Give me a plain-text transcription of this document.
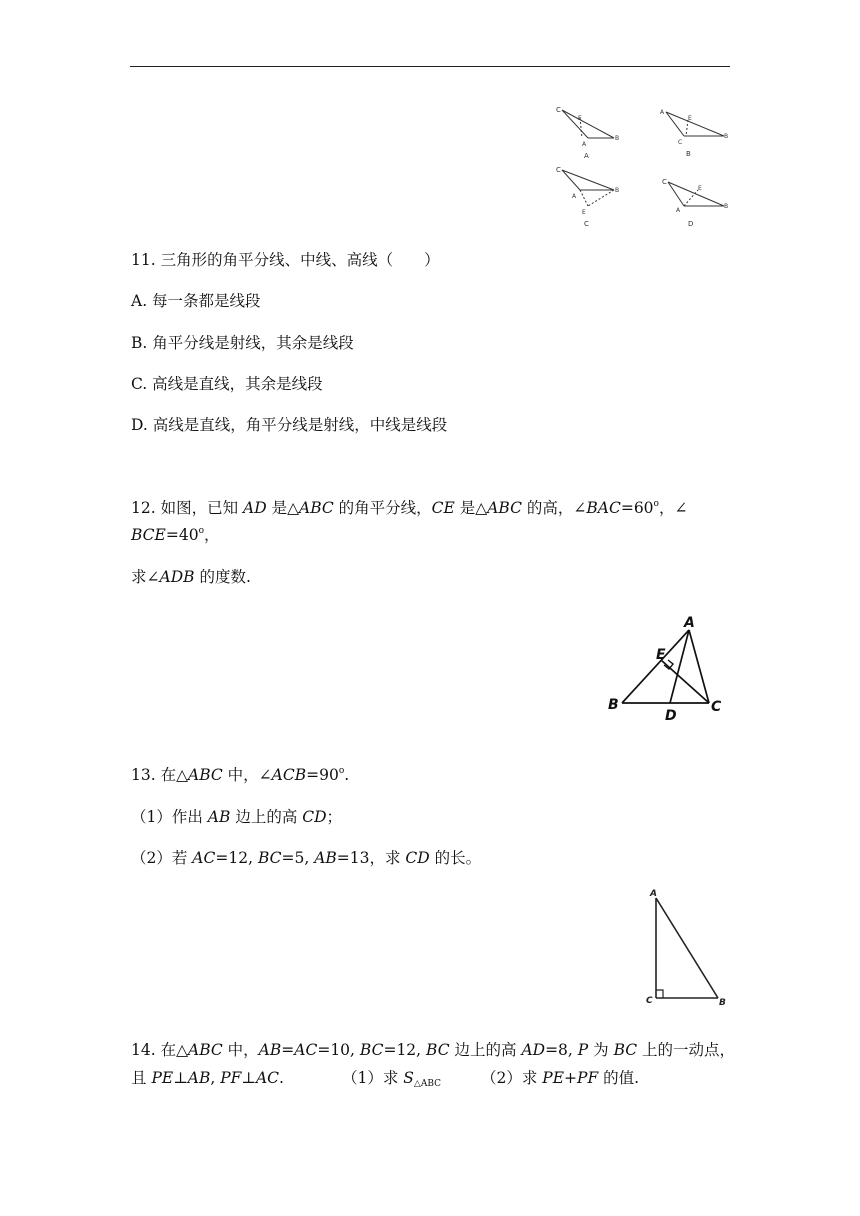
C
E
A
B
A
A
E
C
B
B
C
A
B
E
C
C
E
A
B
D
11. 三角形的角平分线、中线、高线（　　）
A. 每一条都是线段
B. 角平分线是射线，其余是线段
C. 高线是直线，其余是线段
D. 高线是直线，角平分线是射线，中线是线段
12. 如图，已知 AD 是△ABC 的角平分线，CE 是△ABC 的高，$\angle BAC=60^o$，∠
$BCE=40^o$，
求∠ADB 的度数.
A
E
B
D
C
13. 在△ABC 中，$\angle ACB=90^o$.
（1）作出 AB 边上的高 CD；
（2）若 AC=12, BC=5, AB=13，求 CD 的长。
A
C	B
14. 在△ABC 中，AB=AC=10, BC=12, BC 边上的高 AD=8, P 为 BC 上的一动点，
且 PE⊥AB, PF⊥AC.	（1）求 $S_{\triangle ABC}$	（2）求 PE+PF 的值.
